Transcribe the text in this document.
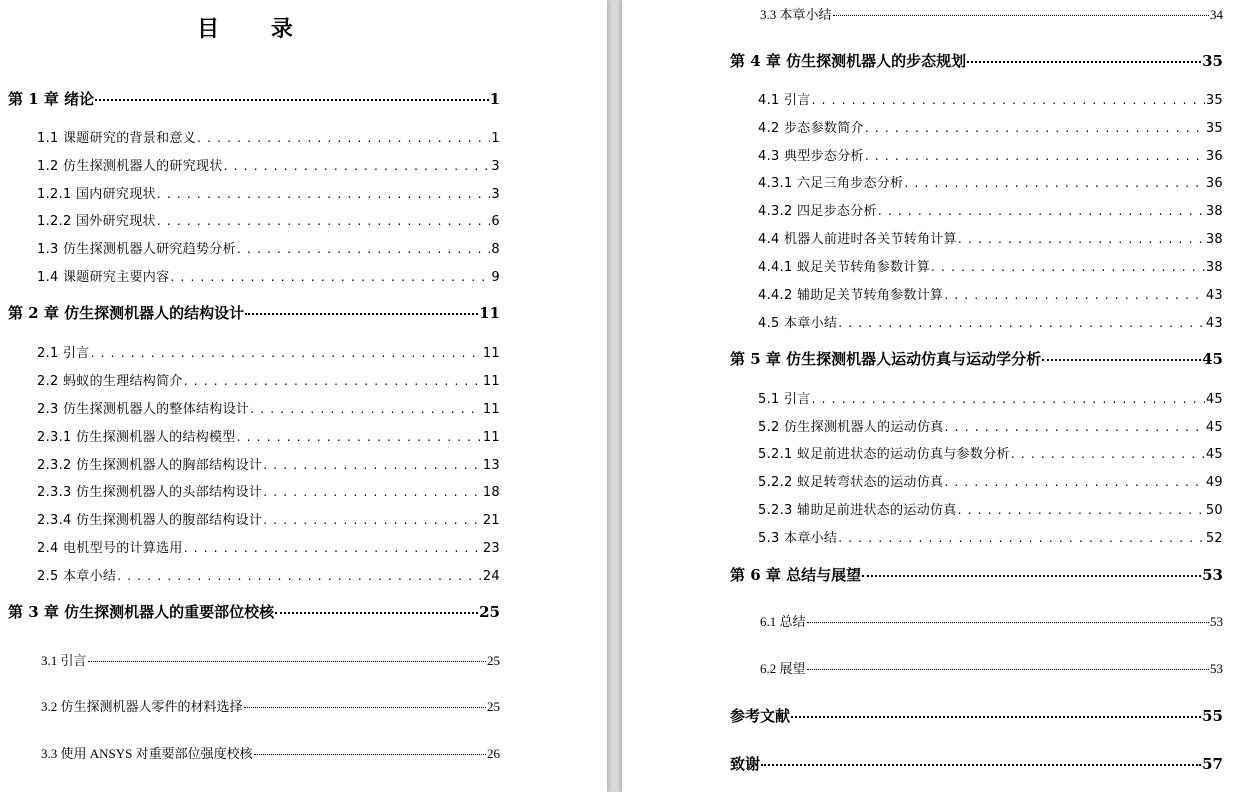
目 录
第 1 章 绪论	1
1.1 课题研究的背景和意义 . . .	1
1.2 仿生探测机器人的研究现状 . . .	3
1.2.1 国内研究现状 . . .	3
1.2.2 国外研究现状 . . .	6
1.3 仿生探测机器人研究趋势分析 . . .	8
1.4 课题研究主要内容 . . .	9
第 2 章 仿生探测机器人的结构设计	11
2.1 引言 . . .	11
2.2 蚂蚁的生理结构简介 . . .	11
2.3 仿生探测机器人的整体结构设计 . . .	11
2.3.1 仿生探测机器人的结构模型 . . .	11
2.3.2 仿生探测机器人的胸部结构设计 . . .	13
2.3.3 仿生探测机器人的头部结构设计 . . .	18
2.3.4 仿生探测机器人的腹部结构设计 . . .	21
2.4 电机型号的计算选用 . . .	23
2.5 本章小结 . . .	24
第 3 章 仿生探测机器人的重要部位校核	25
3.1 引言	25
3.2 仿生探测机器人零件的材料选择	25
3.3 使用 ANSYS 对重要部位强度校核	26
3.3 本章小结	34
第 4 章 仿生探测机器人的步态规划	35
4.1 引言 . . .	35
4.2 步态参数简介 . . .	35
4.3 典型步态分析 . . .	36
4.3.1 六足三角步态分析 . . .	36
4.3.2 四足步态分析 . . .	38
4.4 机器人前进时各关节转角计算 . . .	38
4.4.1 蚁足关节转角参数计算 . . .	38
4.4.2 辅助足关节转角参数计算 . . .	43
4.5 本章小结 . . .	43
第 5 章 仿生探测机器人运动仿真与运动学分析	45
5.1 引言 . . .	45
5.2 仿生探测机器人的运动仿真 . . .	45
5.2.1 蚁足前进状态的运动仿真与参数分析 . . .	45
5.2.2 蚁足转弯状态的运动仿真 . . .	49
5.2.3 辅助足前进状态的运动仿真 . . .	50
5.3 本章小结 . . .	52
第 6 章 总结与展望	53
6.1 总结	53
6.2 展望	53
参考文献	55
致谢	57
